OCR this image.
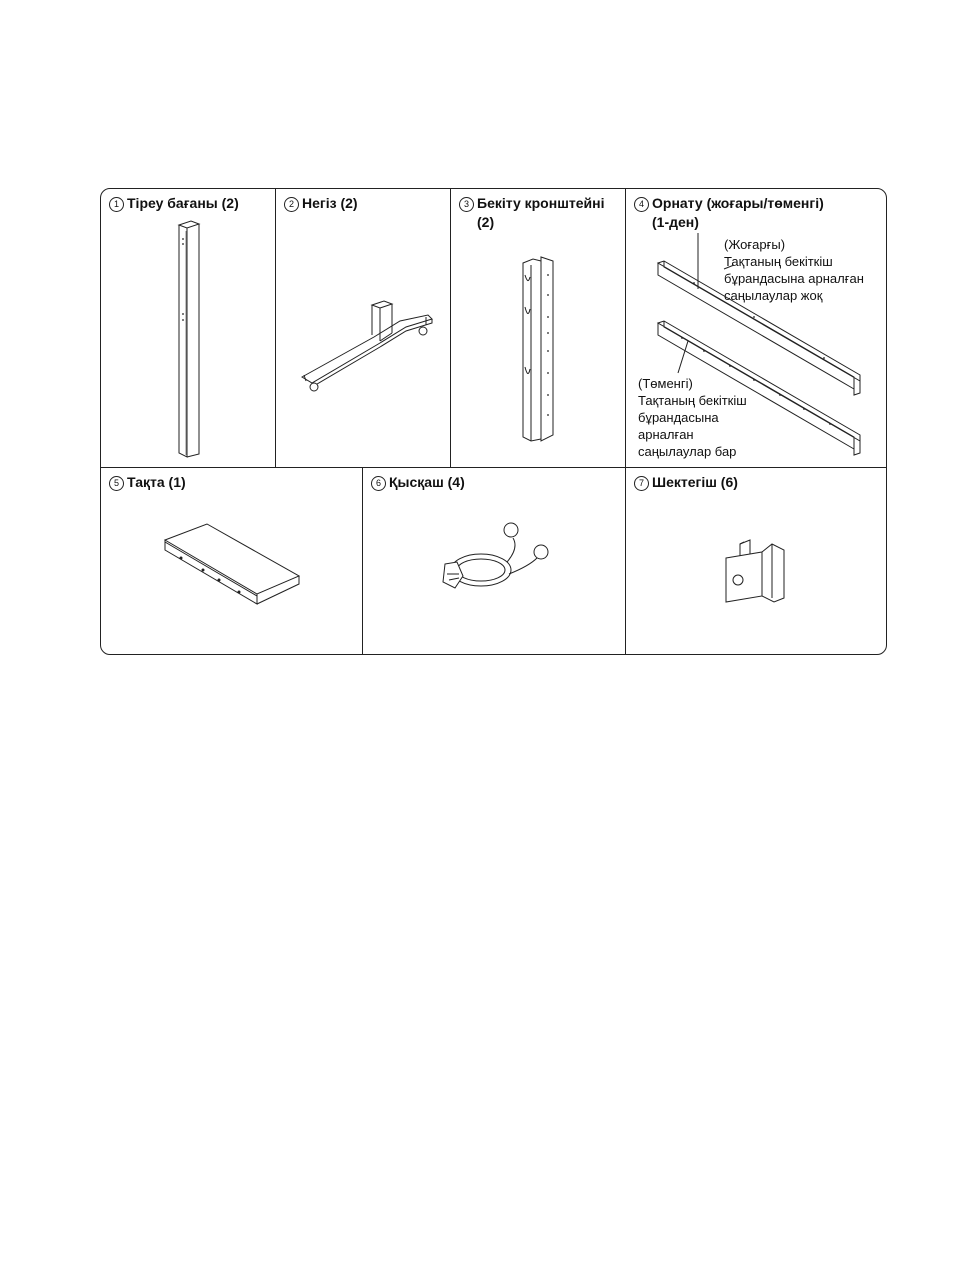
1 Тіреу бағаны (2)	2 Негіз (2)	3 Бекіту кронштейні
(2)
4 Орнату (жоғары/төменгі)
(1-ден)
(Жоғарғы)
Тақтаның бекіткіш
бұрандасына арналған
саңылаулар жоқ
(Төменгі)
Тақтаның бекіткіш
бұрандасына
арналған
саңылаулар бар
5 Тақта (1)	6 Қысқаш (4)	7 Шектегіш (6)
